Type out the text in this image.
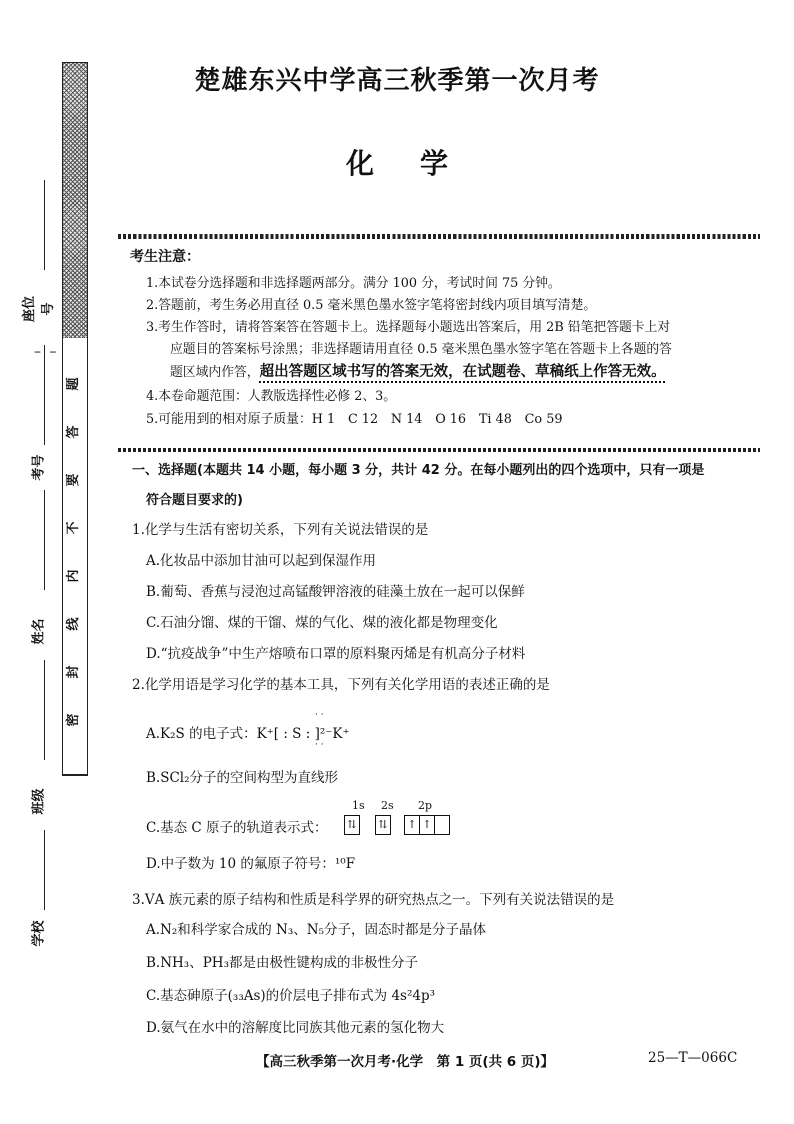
题
答
要
不
内
线
封
密
座位号
考号
姓名
班级
学校
– –
楚雄东兴中学高三秋季第一次月考
化学
考生注意：
1.本试卷分选择题和非选择题两部分。满分 100 分，考试时间 75 分钟。
2.答题前，考生务必用直径 0.5 毫米黑色墨水签字笔将密封线内项目填写清楚。
3.考生作答时，请将答案答在答题卡上。选择题每小题选出答案后，用 2B 铅笔把答题卡上对
应题目的答案标号涂黑；非选择题请用直径 0.5 毫米黑色墨水签字笔在答题卡上各题的答
题区域内作答，超出答题区域书写的答案无效，在试题卷、草稿纸上作答无效。
4.本卷命题范围：人教版选择性必修 2、3。
5.可能用到的相对原子质量：H 1　C 12　N 14　O 16　Ti 48　Co 59
一、选择题(本题共 14 小题，每小题 3 分，共计 42 分。在每小题列出的四个选项中，只有一项是
符合题目要求的)
1.化学与生活有密切关系，下列有关说法错误的是
A.化妆品中添加甘油可以起到保湿作用
B.葡萄、香蕉与浸泡过高锰酸钾溶液的硅藻土放在一起可以保鲜
C.石油分馏、煤的干馏、煤的气化、煤的液化都是物理变化
D.“抗疫战争”中生产熔喷布口罩的原料聚丙烯是有机高分子材料
2.化学用语是学习化学的基本工具，下列有关化学用语的表述正确的是
· ·
A.K₂S 的电子式：K⁺[ : S : ]²⁻K⁺
· ·
B.SCl₂分子的空间构型为直线形
1s 2s 2p
C.基态 C 原子的轨道表示式： ⇅ ⇅ ↑ ↑
D.中子数为 10 的氟原子符号：¹⁰F
3.ⅤA 族元素的原子结构和性质是科学界的研究热点之一。下列有关说法错误的是
A.N₂和科学家合成的 N₃、N₅分子，固态时都是分子晶体
B.NH₃、PH₃都是由极性键构成的非极性分子
C.基态砷原子(₃₃As)的价层电子排布式为 4s²4p³
D.氨气在水中的溶解度比同族其他元素的氢化物大
【高三秋季第一次月考·化学　第 1 页(共 6 页)】	25—T—066C
